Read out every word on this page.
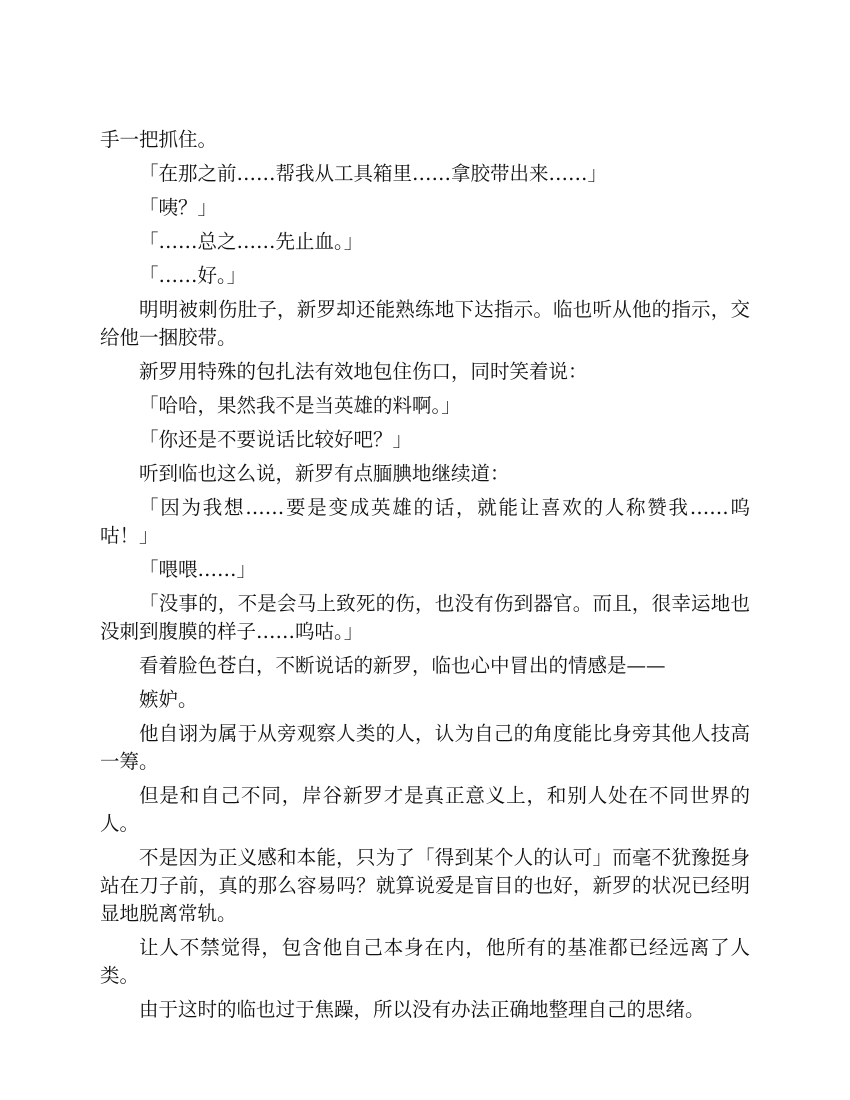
手一把抓住。

「在那之前……帮我从工具箱里……拿胶带出来……」

「咦？」

「……总之……先止血。」

「……好。」

明明被刺伤肚子，新罗却还能熟练地下达指示。临也听从他的指示，交给他一捆胶带。

新罗用特殊的包扎法有效地包住伤口，同时笑着说：

「哈哈，果然我不是当英雄的料啊。」

「你还是不要说话比较好吧？」

听到临也这么说，新罗有点腼腆地继续道：

「因为我想……要是变成英雄的话，就能让喜欢的人称赞我……呜咕！」

「喂喂……」

「没事的，不是会马上致死的伤，也没有伤到器官。而且，很幸运地也没刺到腹膜的样子……呜咕。」

看着脸色苍白，不断说话的新罗，临也心中冒出的情感是——

嫉妒。

他自诩为属于从旁观察人类的人，认为自己的角度能比身旁其他人技高一筹。

但是和自己不同，岸谷新罗才是真正意义上，和别人处在不同世界的人。

不是因为正义感和本能，只为了「得到某个人的认可」而毫不犹豫挺身站在刀子前，真的那么容易吗？就算说爱是盲目的也好，新罗的状况已经明显地脱离常轨。

让人不禁觉得，包含他自己本身在内，他所有的基准都已经远离了人类。

由于这时的临也过于焦躁，所以没有办法正确地整理自己的思绪。
